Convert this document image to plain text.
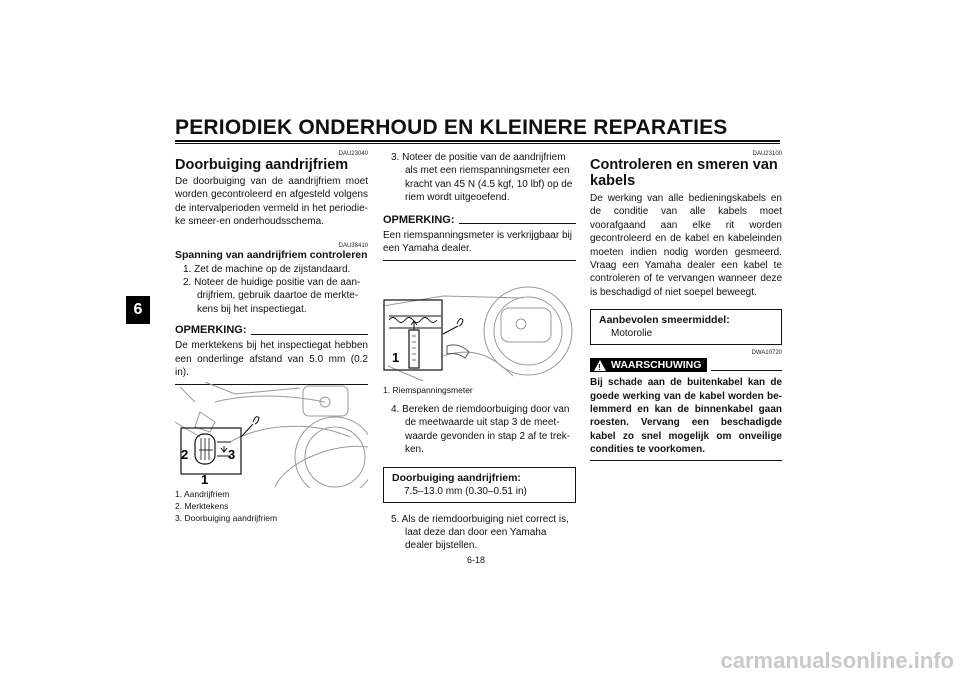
PERIODIEK ONDERHOUD EN KLEINERE REPARATIES
6
DAU23040
Doorbuiging aandrijfriem
De doorbuiging van de aandrijfriem moet worden gecontroleerd en afgesteld volgens de intervalperioden vermeld in het periodieke smeer-en onderhoudsschema.
DAU38410
Spanning van aandrijfriem controleren
1. Zet de machine op de zijstandaard.
2. Noteer de huidige positie van de aandrijfriem, gebruik daartoe de merktekens bij het inspectiegat.
OPMERKING:
De merktekens bij het inspectiegat hebben een onderlinge afstand van 5.0 mm (0.2 in).
2	3
1
1. Aandrijfriem
2. Merktekens
3. Doorbuiging aandrijfriem
3. Noteer de positie van de aandrijfriem als met een riemspanningsmeter een kracht van 45 N (4.5 kgf, 10 lbf) op de riem wordt uitgeoefend.
OPMERKING:
Een riemspanningsmeter is verkrijgbaar bij een Yamaha dealer.
1
1. Riemspanningsmeter
4. Bereken de riemdoorbuiging door van de meetwaarde uit stap 3 de meetwaarde gevonden in stap 2 af te trekken.
Doorbuiging aandrijfriem:
7.5–13.0 mm (0.30–0.51 in)
5. Als de riemdoorbuiging niet correct is, laat deze dan door een Yamaha dealer bijstellen.
DAU23100
Controleren en smeren van kabels
De werking van alle bedieningskabels en de conditie van alle kabels moet voorafgaand aan elke rit worden gecontroleerd en de kabel en kabeleinden moeten indien nodig worden gesmeerd. Vraag een Yamaha dealer een kabel te controleren of te vervangen wanneer deze is beschadigd of niet soepel beweegt.
Aanbevolen smeermiddel:
Motorolie
DWA10720
! WAARSCHUWING
Bij schade aan de buitenkabel kan de goede werking van de kabel worden belemmerd en kan de binnenkabel gaan roesten. Vervang een beschadigde kabel zo snel mogelijk om onveilige condities te voorkomen.
6-18
carmanualsonline.info
